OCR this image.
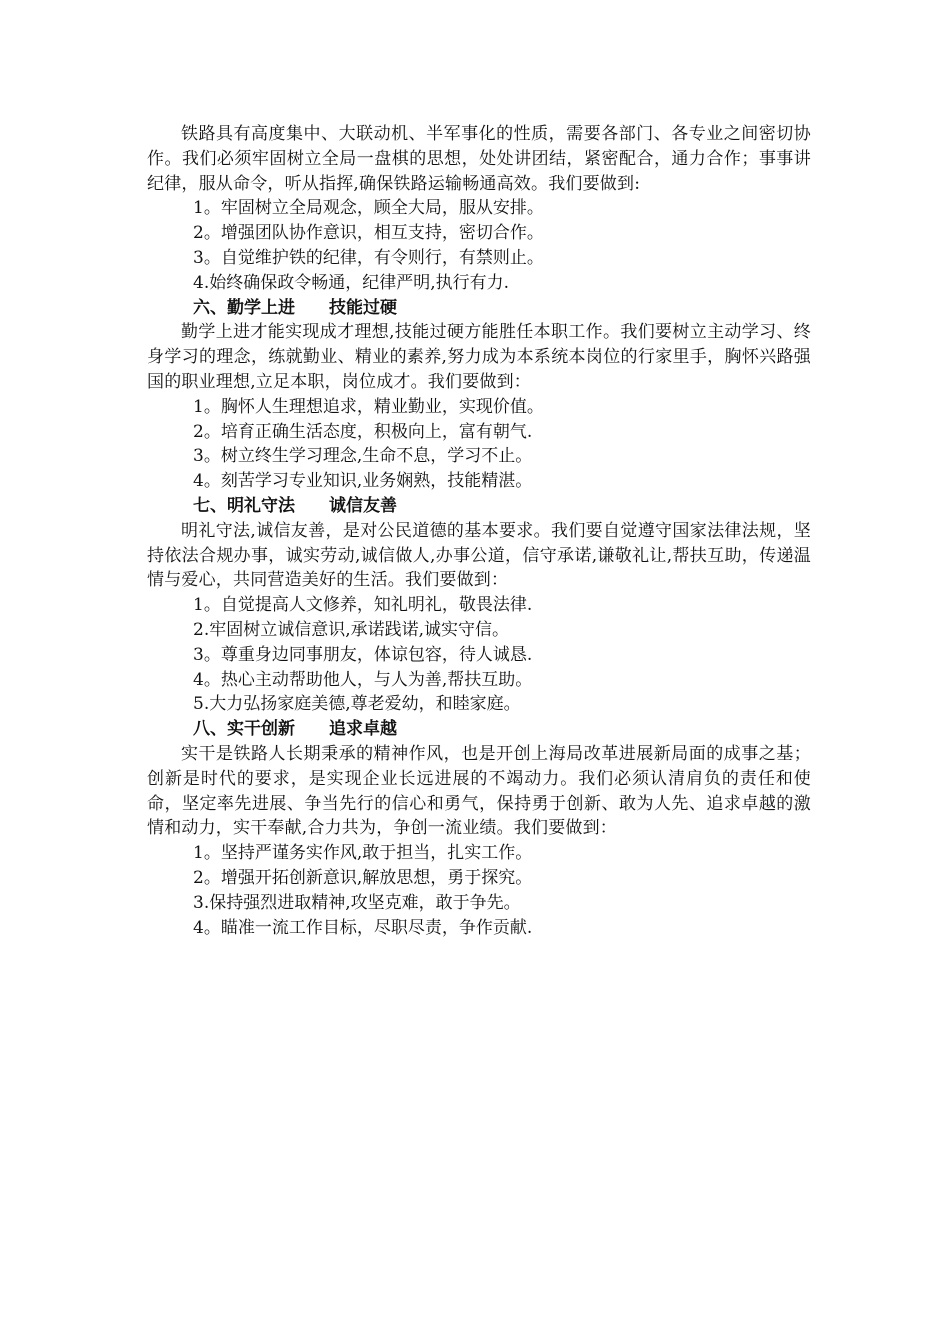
铁路具有高度集中、大联动机、半军事化的性质，需要各部门、各专业之间密切协作。我们必须牢固树立全局一盘棋的思想，处处讲团结，紧密配合，通力合作；事事讲纪律，服从命令，听从指挥,确保铁路运输畅通高效。我们要做到:

1。牢固树立全局观念，顾全大局，服从安排。

2。增强团队协作意识，相互支持，密切合作。

3。自觉维护铁的纪律，有令则行，有禁则止。

4.始终确保政令畅通，纪律严明,执行有力.

六、勤学上进　　技能过硬

勤学上进才能实现成才理想,技能过硬方能胜任本职工作。我们要树立主动学习、终身学习的理念，练就勤业、精业的素养,努力成为本系统本岗位的行家里手，胸怀兴路强国的职业理想,立足本职，岗位成才。我们要做到：

1。胸怀人生理想追求，精业勤业，实现价值。

2。培育正确生活态度，积极向上，富有朝气.

3。树立终生学习理念,生命不息，学习不止。

4。刻苦学习专业知识,业务娴熟，技能精湛。

七、明礼守法　　诚信友善

明礼守法,诚信友善，是对公民道德的基本要求。我们要自觉遵守国家法律法规，坚持依法合规办事，诚实劳动,诚信做人,办事公道，信守承诺,谦敬礼让,帮扶互助，传递温情与爱心，共同营造美好的生活。我们要做到：

1。自觉提高人文修养，知礼明礼，敬畏法律.

2.牢固树立诚信意识,承诺践诺,诚实守信。

3。尊重身边同事朋友，体谅包容，待人诚恳.

4。热心主动帮助他人，与人为善,帮扶互助。

5.大力弘扬家庭美德,尊老爱幼，和睦家庭。

八、实干创新　　追求卓越

实干是铁路人长期秉承的精神作风，也是开创上海局改革进展新局面的成事之基；创新是时代的要求，是实现企业长远进展的不竭动力。我们必须认清肩负的责任和使命，坚定率先进展、争当先行的信心和勇气，保持勇于创新、敢为人先、追求卓越的激情和动力，实干奉献,合力共为，争创一流业绩。我们要做到：

1。坚持严谨务实作风,敢于担当，扎实工作。

2。增强开拓创新意识,解放思想，勇于探究。

3.保持强烈进取精神,攻坚克难，敢于争先。

4。瞄准一流工作目标，尽职尽责，争作贡献.
